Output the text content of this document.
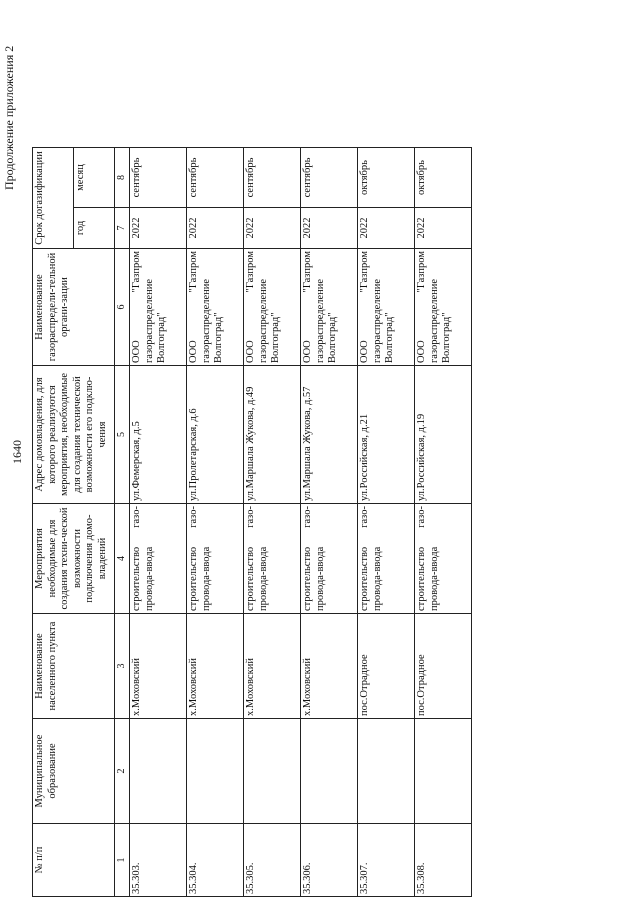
1640
Продолжение приложения 2
№ п/п	Муниципальное образование	Наименование населенного пункта	Мероприятия необходимые для создания техни-ческой возможности подключения домо-владений	Адрес домовладения, для которого реализуются мероприятия, необходимые для создания технической возможности его подклю-чения	Наименование газораспредели-тельной органи-зации	Срок догазификации	
						год	месяц
1	2	3	4	5	6	7	8
35.303.		х.Моховский	строительство газо-провода-ввода	ул.Фемерская, д.5	ООО "Газпром газораспределение Волгоград"	2022	сентябрь
35.304.		х.Моховский	строительство газо-провода-ввода	ул.Пролетарская, д.6	ООО "Газпром газораспределение Волгоград"	2022	сентябрь
35.305.		х.Моховский	строительство газо-провода-ввода	ул.Маршала Жукова, д.49	ООО "Газпром газораспределение Волгоград"	2022	сентябрь
35.306.		х.Моховский	строительство газо-провода-ввода	ул.Маршала Жукова, д.57	ООО "Газпром газораспределение Волгоград"	2022	сентябрь
35.307.		пос.Отрадное	строительство газо-провода-ввода	ул.Российская, д.21	ООО "Газпром газораспределение Волгоград"	2022	октябрь
35.308.		пос.Отрадное	строительство газо-провода-ввода	ул.Российская, д.19	ООО "Газпром газораспределение Волгоград"	2022	октябрь
